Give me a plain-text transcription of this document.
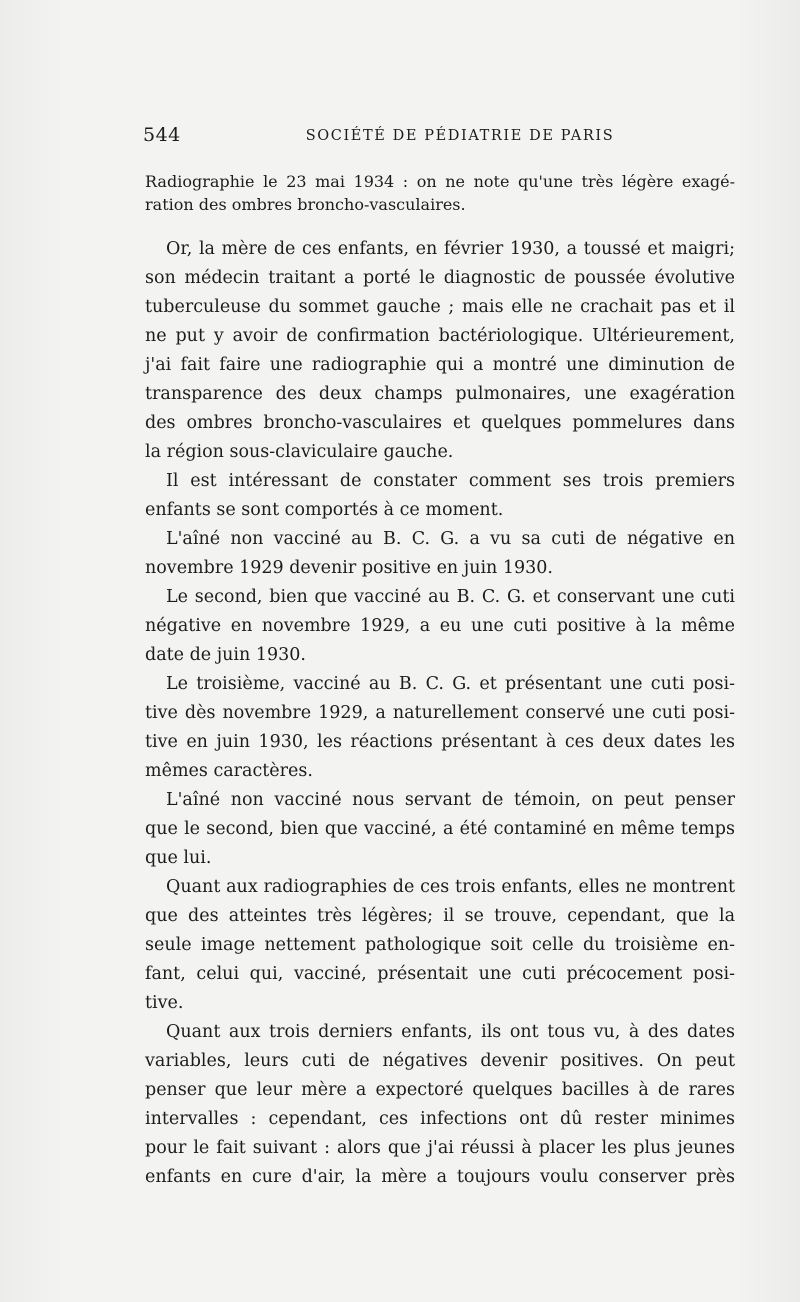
544	SOCIÉTÉ DE PÉDIATRIE DE PARIS
Radiographie le 23 mai 1934 : on ne note qu'une très légère exagé-
ration des ombres broncho-vasculaires.
Or, la mère de ces enfants, en février 1930, a toussé et maigri;
son médecin traitant a porté le diagnostic de poussée évolutive
tuberculeuse du sommet gauche ; mais elle ne crachait pas et il
ne put y avoir de confirmation bactériologique. Ultérieurement,
j'ai fait faire une radiographie qui a montré une diminution de
transparence des deux champs pulmonaires, une exagération
des ombres broncho-vasculaires et quelques pommelures dans
la région sous-claviculaire gauche.
Il est intéressant de constater comment ses trois premiers
enfants se sont comportés à ce moment.
L'aîné non vacciné au B. C. G. a vu sa cuti de négative en
novembre 1929 devenir positive en juin 1930.
Le second, bien que vacciné au B. C. G. et conservant une cuti
négative en novembre 1929, a eu une cuti positive à la même
date de juin 1930.
Le troisième, vacciné au B. C. G. et présentant une cuti posi-
tive dès novembre 1929, a naturellement conservé une cuti posi-
tive en juin 1930, les réactions présentant à ces deux dates les
mêmes caractères.
L'aîné non vacciné nous servant de témoin, on peut penser
que le second, bien que vacciné, a été contaminé en même temps
que lui.
Quant aux radiographies de ces trois enfants, elles ne montrent
que des atteintes très légères; il se trouve, cependant, que la
seule image nettement pathologique soit celle du troisième en-
fant, celui qui, vacciné, présentait une cuti précocement posi-
tive.
Quant aux trois derniers enfants, ils ont tous vu, à des dates
variables, leurs cuti de négatives devenir positives. On peut
penser que leur mère a expectoré quelques bacilles à de rares
intervalles : cependant, ces infections ont dû rester minimes
pour le fait suivant : alors que j'ai réussi à placer les plus jeunes
enfants en cure d'air, la mère a toujours voulu conserver près
